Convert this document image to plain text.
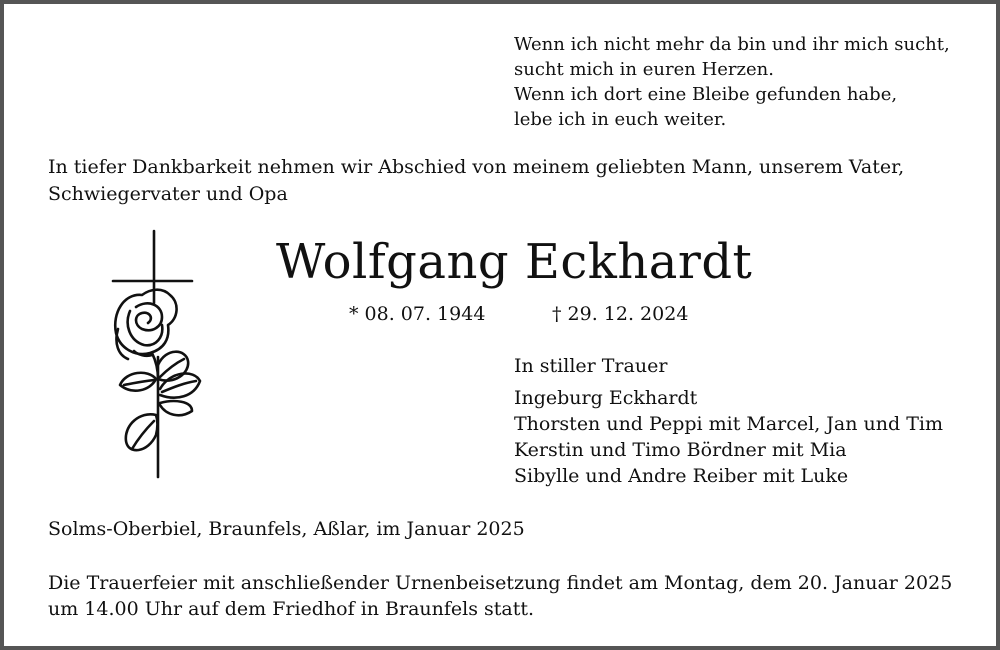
Wenn ich nicht mehr da bin und ihr mich sucht,
sucht mich in euren Herzen.
Wenn ich dort eine Bleibe gefunden habe,
lebe ich in euch weiter.
In tiefer Dankbarkeit nehmen wir Abschied von meinem geliebten Mann, unserem Vater,
Schwiegervater und Opa
Wolfgang Eckhardt
* 08. 07. 1944	† 29. 12. 2024
In stiller Trauer
Ingeburg Eckhardt
Thorsten und Peppi mit Marcel, Jan und Tim
Kerstin und Timo Bördner mit Mia
Sibylle und Andre Reiber mit Luke
Solms-Oberbiel, Braunfels, Aßlar, im Januar 2025
Die Trauerfeier mit anschließender Urnenbeisetzung findet am Montag, dem 20. Januar 2025
um 14.00 Uhr auf dem Friedhof in Braunfels statt.
